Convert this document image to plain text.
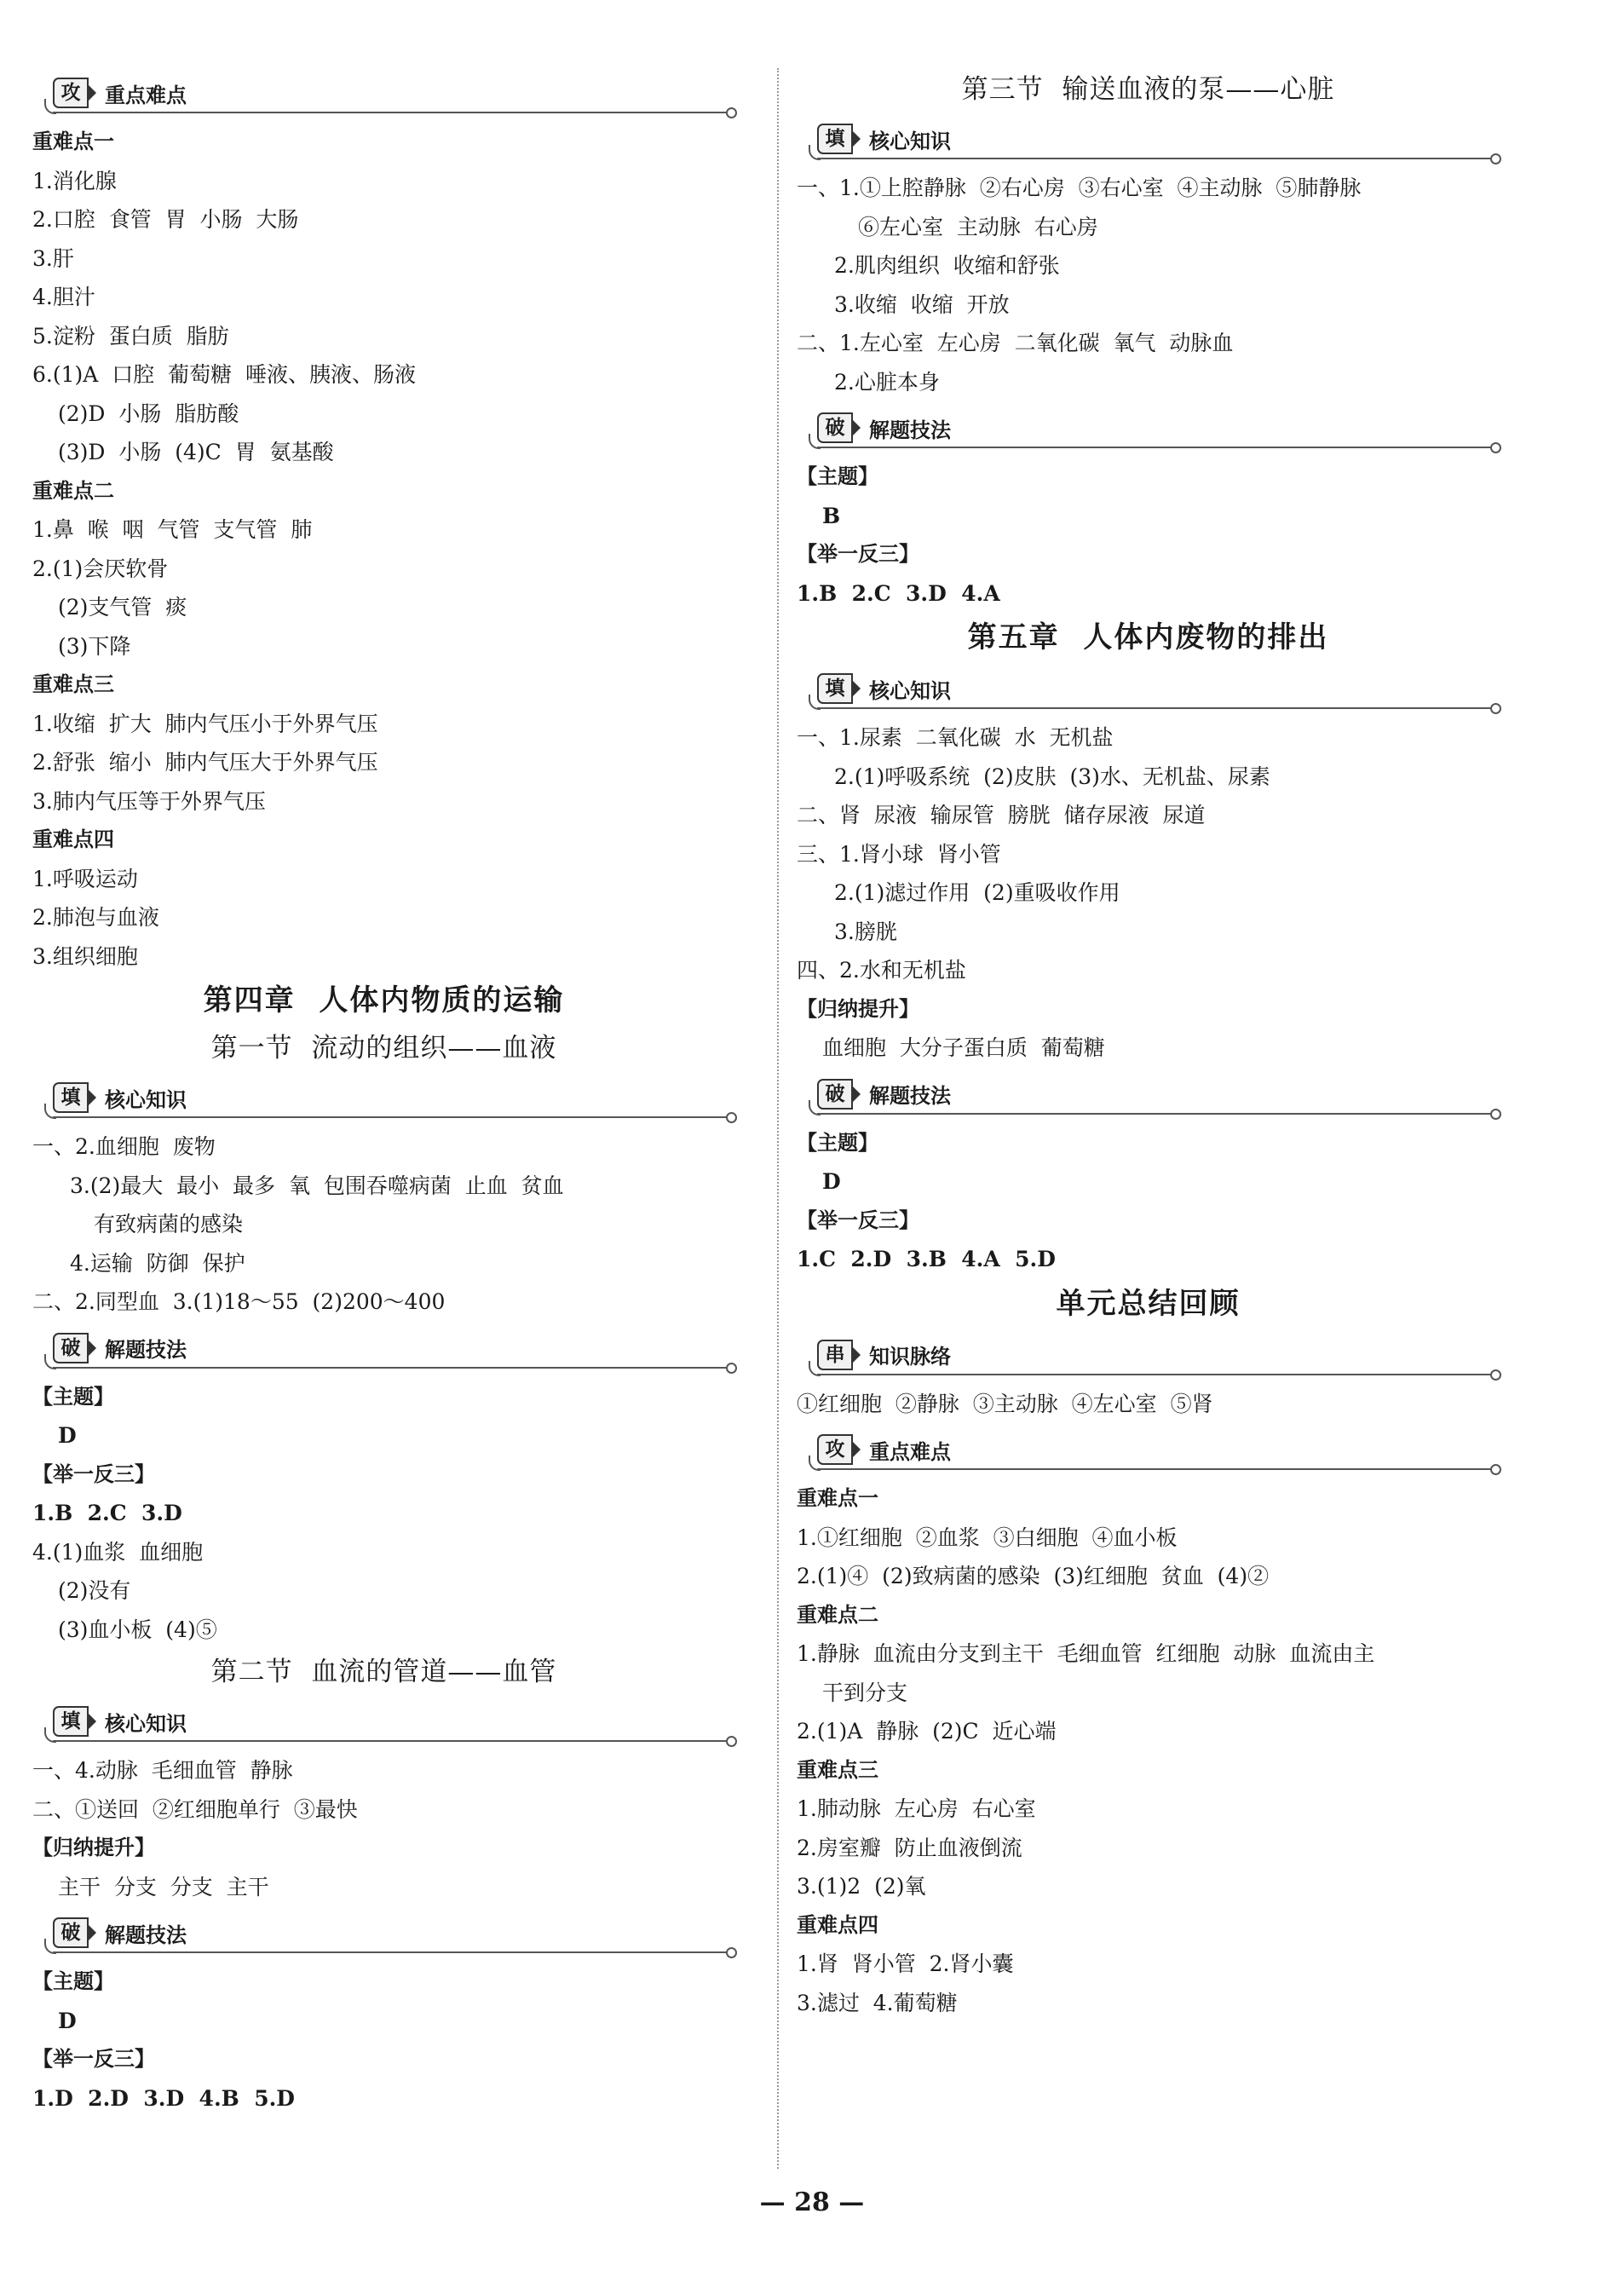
攻	重点难点
重难点一
1.消化腺
2.口腔  食管  胃  小肠  大肠
3.肝
4.胆汁
5.淀粉  蛋白质  脂肪
6.(1)A  口腔  葡萄糖  唾液、胰液、肠液
(2)D  小肠  脂肪酸
(3)D  小肠  (4)C  胃  氨基酸
重难点二
1.鼻  喉  咽  气管  支气管  肺
2.(1)会厌软骨
(2)支气管  痰
(3)下降
重难点三
1.收缩  扩大  肺内气压小于外界气压
2.舒张  缩小  肺内气压大于外界气压
3.肺内气压等于外界气压
重难点四
1.呼吸运动
2.肺泡与血液
3.组织细胞
第四章  人体内物质的运输
第一节  流动的组织——血液
填	核心知识
一、2.血细胞  废物
3.(2)最大  最小  最多  氧  包围吞噬病菌  止血  贫血
有致病菌的感染
4.运输  防御  保护
二、2.同型血  3.(1)18～55  (2)200～400
破	解题技法
【主题】
D
【举一反三】
1.B  2.C  3.D
4.(1)血浆  血细胞
(2)没有
(3)血小板  (4)⑤
第二节  血流的管道——血管
填	核心知识
一、4.动脉  毛细血管  静脉
二、①送回  ②红细胞单行  ③最快
【归纳提升】
主干  分支  分支  主干
破	解题技法
【主题】
D
【举一反三】
1.D  2.D  3.D  4.B  5.D
第三节  输送血液的泵——心脏
填	核心知识
一、1.①上腔静脉  ②右心房  ③右心室  ④主动脉  ⑤肺静脉
⑥左心室  主动脉  右心房
2.肌肉组织  收缩和舒张
3.收缩  收缩  开放
二、1.左心室  左心房  二氧化碳  氧气  动脉血
2.心脏本身
破	解题技法
【主题】
B
【举一反三】
1.B  2.C  3.D  4.A
第五章  人体内废物的排出
填	核心知识
一、1.尿素  二氧化碳  水  无机盐
2.(1)呼吸系统  (2)皮肤  (3)水、无机盐、尿素
二、肾  尿液  输尿管  膀胱  储存尿液  尿道
三、1.肾小球  肾小管
2.(1)滤过作用  (2)重吸收作用
3.膀胱
四、2.水和无机盐
【归纳提升】
血细胞  大分子蛋白质  葡萄糖
破	解题技法
【主题】
D
【举一反三】
1.C  2.D  3.B  4.A  5.D
单元总结回顾
串	知识脉络
①红细胞  ②静脉  ③主动脉  ④左心室  ⑤肾
攻	重点难点
重难点一
1.①红细胞  ②血浆  ③白细胞  ④血小板
2.(1)④  (2)致病菌的感染  (3)红细胞  贫血  (4)②
重难点二
1.静脉  血流由分支到主干  毛细血管  红细胞  动脉  血流由主
干到分支
2.(1)A  静脉  (2)C  近心端
重难点三
1.肺动脉  左心房  右心室
2.房室瓣  防止血液倒流
3.(1)2  (2)氧
重难点四
1.肾  肾小管  2.肾小囊
3.滤过  4.葡萄糖
— 28 —
